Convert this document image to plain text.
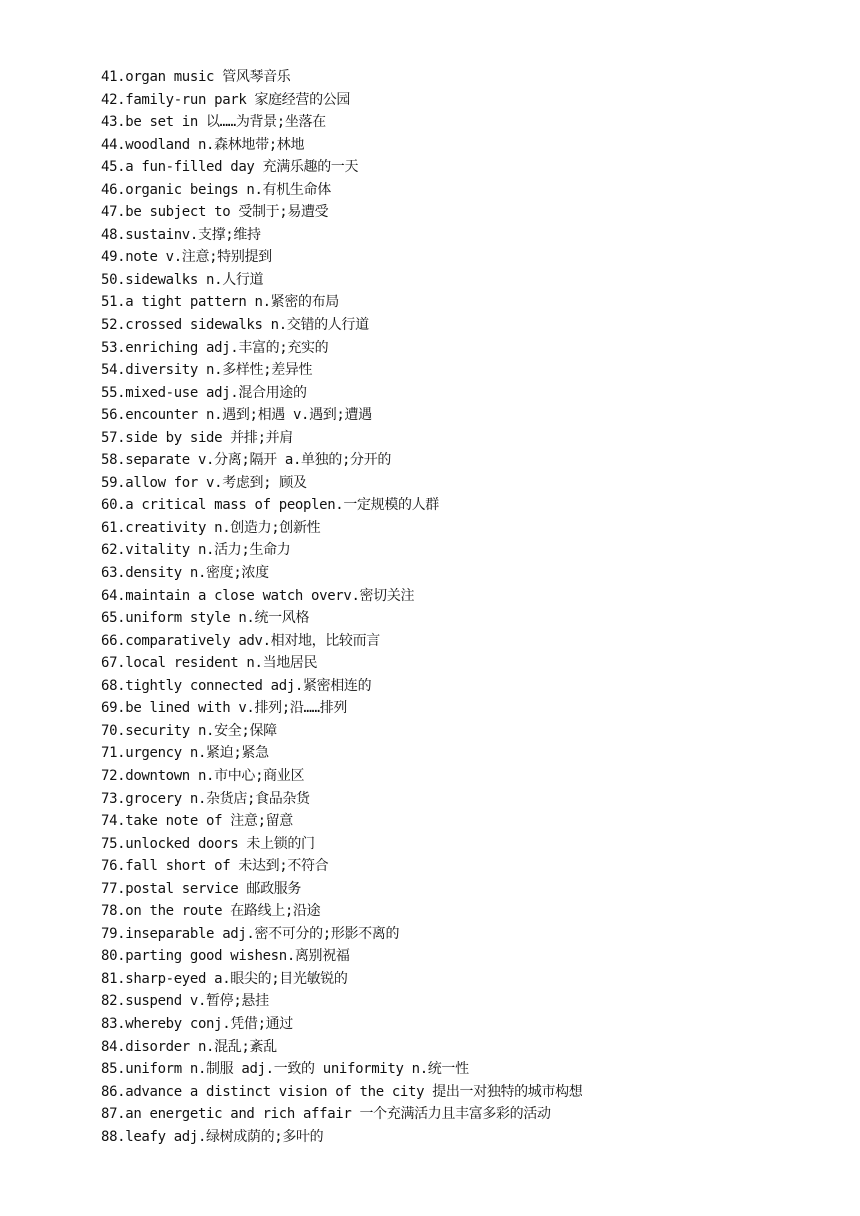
41.organ music 管风琴音乐
42.family-run park 家庭经营的公园
43.be set in 以……为背景;坐落在
44.woodland n.森林地带;林地
45.a fun-filled day 充满乐趣的一天
46.organic beings n.有机生命体
47.be subject to 受制于;易遭受
48.sustainv.支撑;维持
49.note v.注意;特别提到
50.sidewalks n.人行道
51.a tight pattern n.紧密的布局
52.crossed sidewalks n.交错的人行道
53.enriching adj.丰富的;充实的
54.diversity n.多样性;差异性
55.mixed-use adj.混合用途的
56.encounter n.遇到;相遇 v.遇到;遭遇
57.side by side 并排;并肩
58.separate v.分离;隔开 a.单独的;分开的
59.allow for v.考虑到; 顾及
60.a critical mass of peoplen.一定规模的人群
61.creativity n.创造力;创新性
62.vitality n.活力;生命力
63.density n.密度;浓度
64.maintain a close watch overv.密切关注
65.uniform style n.统一风格
66.comparatively adv.相对地，比较而言
67.local resident n.当地居民
68.tightly connected adj.紧密相连的
69.be lined with v.排列;沿……排列
70.security n.安全;保障
71.urgency n.紧迫;紧急
72.downtown n.市中心;商业区
73.grocery n.杂货店;食品杂货
74.take note of 注意;留意
75.unlocked doors 未上锁的门
76.fall short of 未达到;不符合
77.postal service 邮政服务
78.on the route 在路线上;沿途
79.inseparable adj.密不可分的;形影不离的
80.parting good wishesn.离别祝福
81.sharp-eyed a.眼尖的;目光敏锐的
82.suspend v.暂停;悬挂
83.whereby conj.凭借;通过
84.disorder n.混乱;紊乱
85.uniform n.制服 adj.一致的 uniformity n.统一性
86.advance a distinct vision of the city 提出一对独特的城市构想
87.an energetic and rich affair 一个充满活力且丰富多彩的活动
88.leafy adj.绿树成荫的;多叶的
